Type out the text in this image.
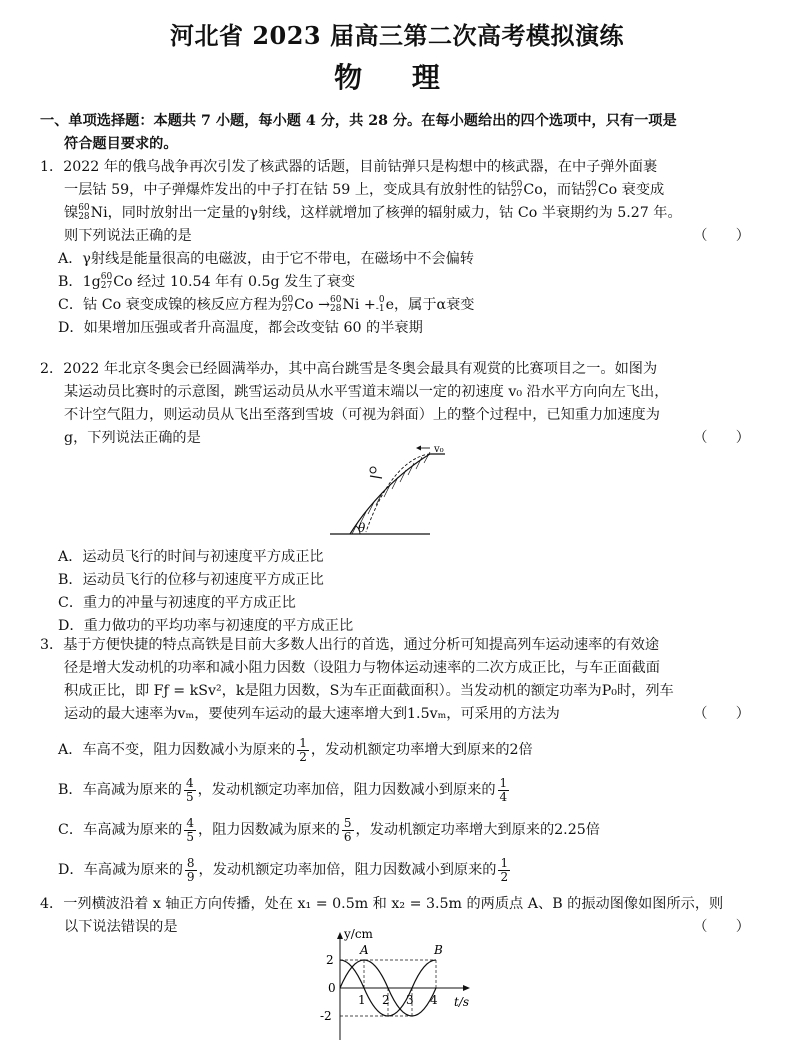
河北省 2023 届高三第二次高考模拟演练
物 理
一、单项选择题：本题共 7 小题，每小题 4 分，共 28 分。在每小题给出的四个选项中，只有一项是
符合题目要求的。
1．2022 年的俄乌战争再次引发了核武器的话题，目前钴弹只是构想中的核武器，在中子弹外面裹
一层钴 59，中子弹爆炸发出的中子打在钴 59 上，变成具有放射性的钴 60
27 Co，而钴 60
27 Co 衰变成
镍 60
28 Ni，同时放射出一定量的γ射线，这样就增加了核弹的辐射威力，钴 Co 半衰期约为 5.27 年。
则下列说法正确的是	（　　）
A．γ射线是能量很高的电磁波，由于它不带电，在磁场中不会偏转
B．1g 60
27 Co 经过 10.54 年有 0.5g 发生了衰变
C．钴 Co 衰变成镍的核反应方程为 60
27 Co → 60
28 Ni + 0
-1 e，属于α衰变
D．如果增加压强或者升高温度，都会改变钴 60 的半衰期
2．2022 年北京冬奥会已经圆满举办，其中高台跳雪是冬奥会最具有观赏的比赛项目之一。如图为
某运动员比赛时的示意图，跳雪运动员从水平雪道末端以一定的初速度 v₀ 沿水平方向向左飞出，
不计空气阻力，则运动员从飞出至落到雪坡（可视为斜面）上的整个过程中，已知重力加速度为
g，下列说法正确的是	（　　）
v₀
θ
A．运动员飞行的时间与初速度平方成正比
B．运动员飞行的位移与初速度平方成正比
C．重力的冲量与初速度的平方成正比
D．重力做功的平均功率与初速度的平方成正比
3．基于方便快捷的特点高铁是目前大多数人出行的首选，通过分析可知提高列车运动速率的有效途
径是增大发动机的功率和减小阻力因数（设阻力与物体运动速率的二次方成正比，与车正面截面
积成正比，即 Fƒ = kSv²，k是阻力因数，S为车正面截面积）。当发动机的额定功率为P₀时，列车
运动的最大速率为vₘ，要使列车运动的最大速率增大到1.5vₘ，可采用的方法为	（　　）
A．车高不变，阻力因数减小为原来的 $\frac{1}{2}$ ，发动机额定功率增大到原来的2倍
B．车高减为原来的 $\frac{4}{5}$ ，发动机额定功率加倍，阻力因数减小到原来的 $\frac{1}{4}$
C．车高减为原来的 $\frac{4}{5}$ ，阻力因数减为原来的 $\frac{5}{6}$ ，发动机额定功率增大到原来的2.25倍
D．车高减为原来的 $\frac{8}{9}$ ，发动机额定功率加倍，阻力因数减小到原来的 $\frac{1}{2}$
4．一列横波沿着 x 轴正方向传播，处在 x₁ = 0.5m 和 x₂ = 3.5m 的两质点 A、B 的振动图像如图所示，则
以下说法错误的是	（　　）
y/cm
t/s
A	B
2
0
-2
1 2 3 4
